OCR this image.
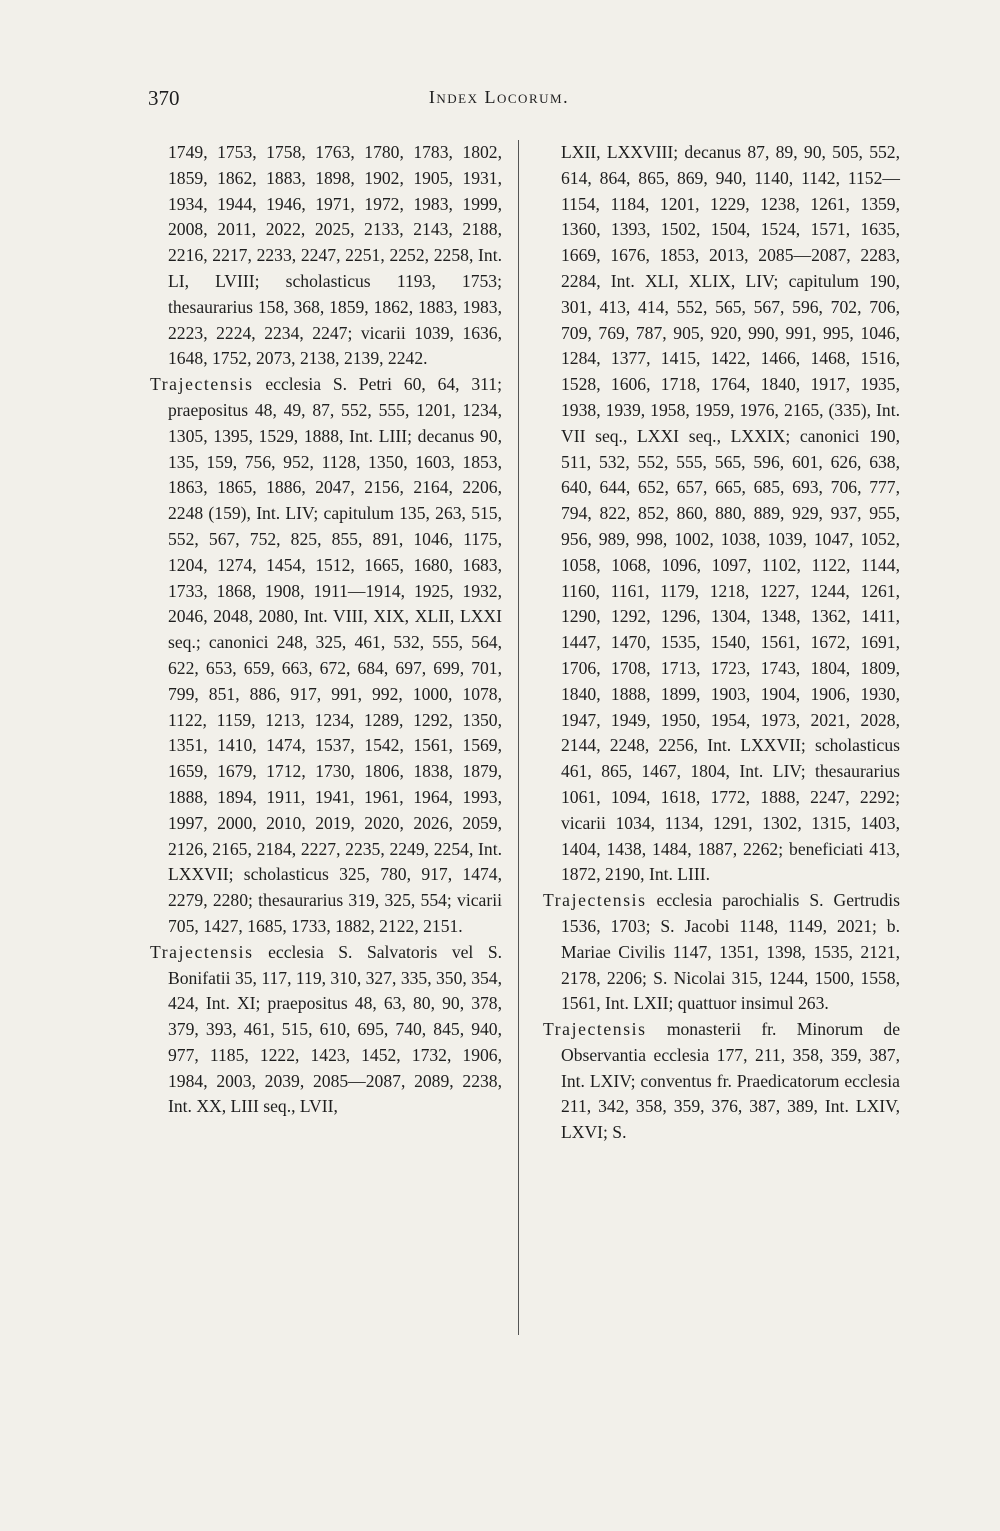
370	Index Locorum.

1749, 1753, 1758, 1763, 1780, 1783, 1802, 1859, 1862, 1883, 1898, 1902, 1905, 1931, 1934, 1944, 1946, 1971, 1972, 1983, 1999, 2008, 2011, 2022, 2025, 2133, 2143, 2188, 2216, 2217, 2233, 2247, 2251, 2252, 2258, Int. LI, LVIII; scholasticus 1193, 1753; thesaurarius 158, 368, 1859, 1862, 1883, 1983, 2223, 2224, 2234, 2247; vicarii 1039, 1636, 1648, 1752, 2073, 2138, 2139, 2242.

Trajectensis ecclesia S. Petri 60, 64, 311; praepositus 48, 49, 87, 552, 555, 1201, 1234, 1305, 1395, 1529, 1888, Int. LIII; decanus 90, 135, 159, 756, 952, 1128, 1350, 1603, 1853, 1863, 1865, 1886, 2047, 2156, 2164, 2206, 2248 (159), Int. LIV; capitulum 135, 263, 515, 552, 567, 752, 825, 855, 891, 1046, 1175, 1204, 1274, 1454, 1512, 1665, 1680, 1683, 1733, 1868, 1908, 1911—1914, 1925, 1932, 2046, 2048, 2080, Int. VIII, XIX, XLII, LXXI seq.; canonici 248, 325, 461, 532, 555, 564, 622, 653, 659, 663, 672, 684, 697, 699, 701, 799, 851, 886, 917, 991, 992, 1000, 1078, 1122, 1159, 1213, 1234, 1289, 1292, 1350, 1351, 1410, 1474, 1537, 1542, 1561, 1569, 1659, 1679, 1712, 1730, 1806, 1838, 1879, 1888, 1894, 1911, 1941, 1961, 1964, 1993, 1997, 2000, 2010, 2019, 2020, 2026, 2059, 2126, 2165, 2184, 2227, 2235, 2249, 2254, Int. LXXVII; scholasticus 325, 780, 917, 1474, 2279, 2280; thesaurarius 319, 325, 554; vicarii 705, 1427, 1685, 1733, 1882, 2122, 2151.

Trajectensis ecclesia S. Salvatoris vel S. Bonifatii 35, 117, 119, 310, 327, 335, 350, 354, 424, Int. XI; praepositus 48, 63, 80, 90, 378, 379, 393, 461, 515, 610, 695, 740, 845, 940, 977, 1185, 1222, 1423, 1452, 1732, 1906, 1984, 2003, 2039, 2085—2087, 2089, 2238, Int. XX, LIII seq., LVII,

LXII, LXXVIII; decanus 87, 89, 90, 505, 552, 614, 864, 865, 869, 940, 1140, 1142, 1152—1154, 1184, 1201, 1229, 1238, 1261, 1359, 1360, 1393, 1502, 1504, 1524, 1571, 1635, 1669, 1676, 1853, 2013, 2085—2087, 2283, 2284, Int. XLI, XLIX, LIV; capitulum 190, 301, 413, 414, 552, 565, 567, 596, 702, 706, 709, 769, 787, 905, 920, 990, 991, 995, 1046, 1284, 1377, 1415, 1422, 1466, 1468, 1516, 1528, 1606, 1718, 1764, 1840, 1917, 1935, 1938, 1939, 1958, 1959, 1976, 2165, (335), Int. VII seq., LXXI seq., LXXIX; canonici 190, 511, 532, 552, 555, 565, 596, 601, 626, 638, 640, 644, 652, 657, 665, 685, 693, 706, 777, 794, 822, 852, 860, 880, 889, 929, 937, 955, 956, 989, 998, 1002, 1038, 1039, 1047, 1052, 1058, 1068, 1096, 1097, 1102, 1122, 1144, 1160, 1161, 1179, 1218, 1227, 1244, 1261, 1290, 1292, 1296, 1304, 1348, 1362, 1411, 1447, 1470, 1535, 1540, 1561, 1672, 1691, 1706, 1708, 1713, 1723, 1743, 1804, 1809, 1840, 1888, 1899, 1903, 1904, 1906, 1930, 1947, 1949, 1950, 1954, 1973, 2021, 2028, 2144, 2248, 2256, Int. LXXVII; scholasticus 461, 865, 1467, 1804, Int. LIV; thesaurarius 1061, 1094, 1618, 1772, 1888, 2247, 2292; vicarii 1034, 1134, 1291, 1302, 1315, 1403, 1404, 1438, 1484, 1887, 2262; beneficiati 413, 1872, 2190, Int. LIII.

Trajectensis ecclesia parochialis S. Gertrudis 1536, 1703; S. Jacobi 1148, 1149, 2021; b. Mariae Civilis 1147, 1351, 1398, 1535, 2121, 2178, 2206; S. Nicolai 315, 1244, 1500, 1558, 1561, Int. LXII; quattuor insimul 263.

Trajectensis monasterii fr. Minorum de Observantia ecclesia 177, 211, 358, 359, 387, Int. LXIV; conventus fr. Praedicatorum ecclesia 211, 342, 358, 359, 376, 387, 389, Int. LXIV, LXVI; S.
